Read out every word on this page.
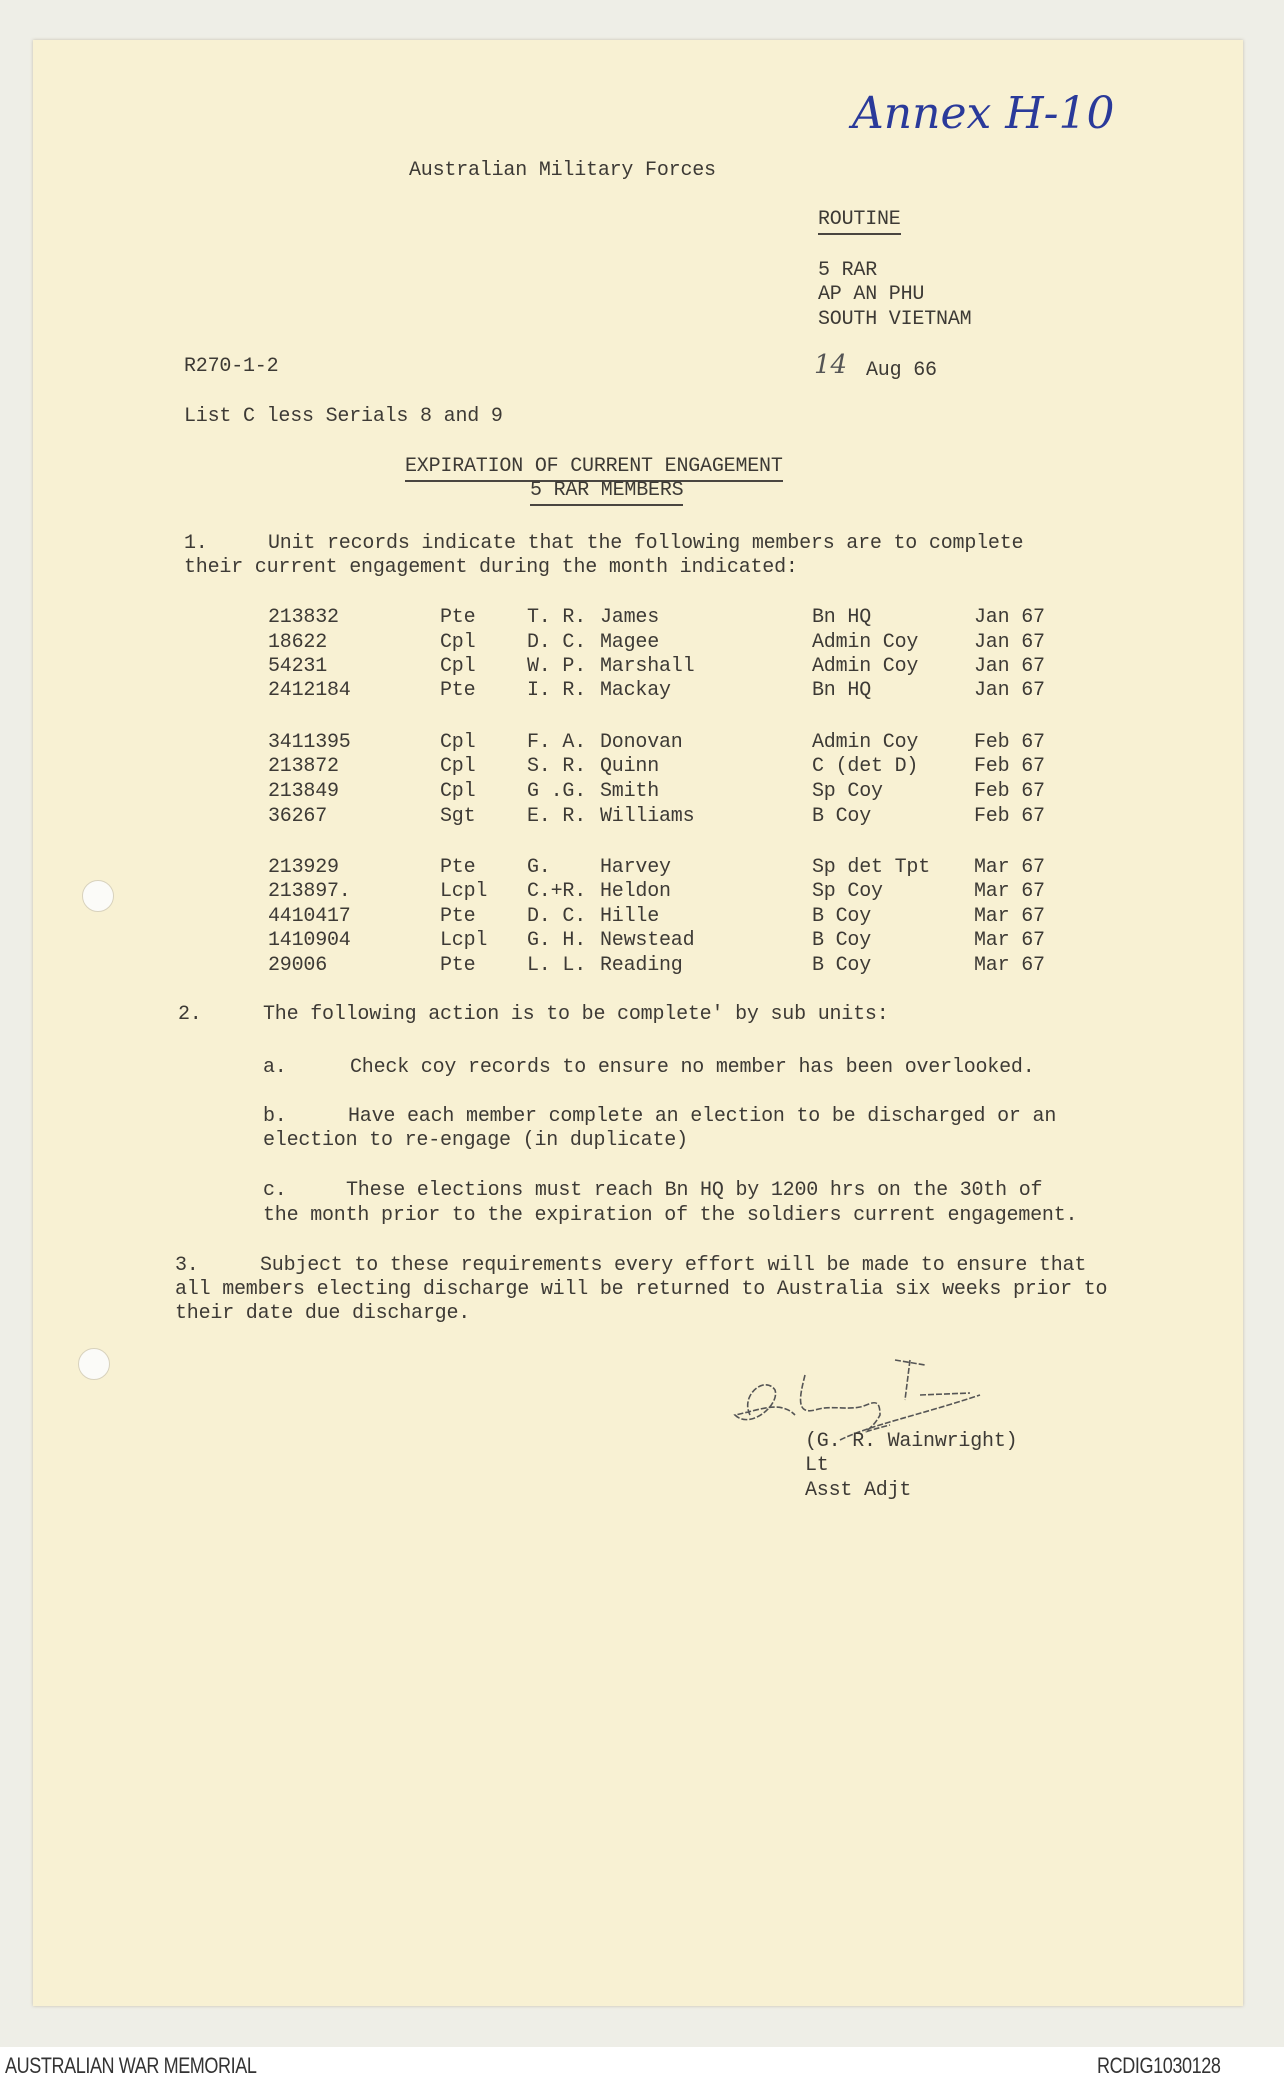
Annex H-10
Australian Military Forces
ROUTINE
5 RAR
AP AN PHU
SOUTH VIETNAM
R270-1-2	14 Aug 66
List C less Serials 8 and 9
EXPIRATION OF CURRENT ENGAGEMENT
5 RAR MEMBERS
1.	Unit records indicate that the following members are to complete
their current engagement during the month indicated:
213832	Pte	T. R. James	Bn HQ	Jan 67
18622	Cpl	D. C. Magee	Admin Coy	Jan 67
54231	Cpl	W. P. Marshall	Admin Coy	Jan 67
2412184	Pte	I. R. Mackay	Bn HQ	Jan 67
3411395	Cpl	F. A. Donovan	Admin Coy	Feb 67
213872	Cpl	S. R. Quinn	C (det D)	Feb 67
213849	Cpl	G .G. Smith	Sp Coy	Feb 67
36267	Sgt	E. R. Williams	B Coy	Feb 67
213929	Pte	G. Harvey	Sp det Tpt Mar 67
213897.	Lcpl C.+R. Heldon	Sp Coy	Mar 67
4410417	Pte	D. C. Hille	B Coy	Mar 67
1410904	Lcpl G. H. Newstead	B Coy	Mar 67
29006	Pte	L. L. Reading	B Coy	Mar 67
2.	The following action is to be complete' by sub units:
a.	Check coy records to ensure no member has been overlooked.
b.	Have each member complete an election to be discharged or an
election to re-engage (in duplicate)
c.	These elections must reach Bn HQ by 1200 hrs on the 30th of
the month prior to the expiration of the soldiers current engagement.
3.	Subject to these requirements every effort will be made to ensure that
all members electing discharge will be returned to Australia six weeks prior to
their date due discharge.
(G. R. Wainwright)
Lt
Asst Adjt
AUSTRALIAN WAR MEMORIAL	RCDIG1030128
